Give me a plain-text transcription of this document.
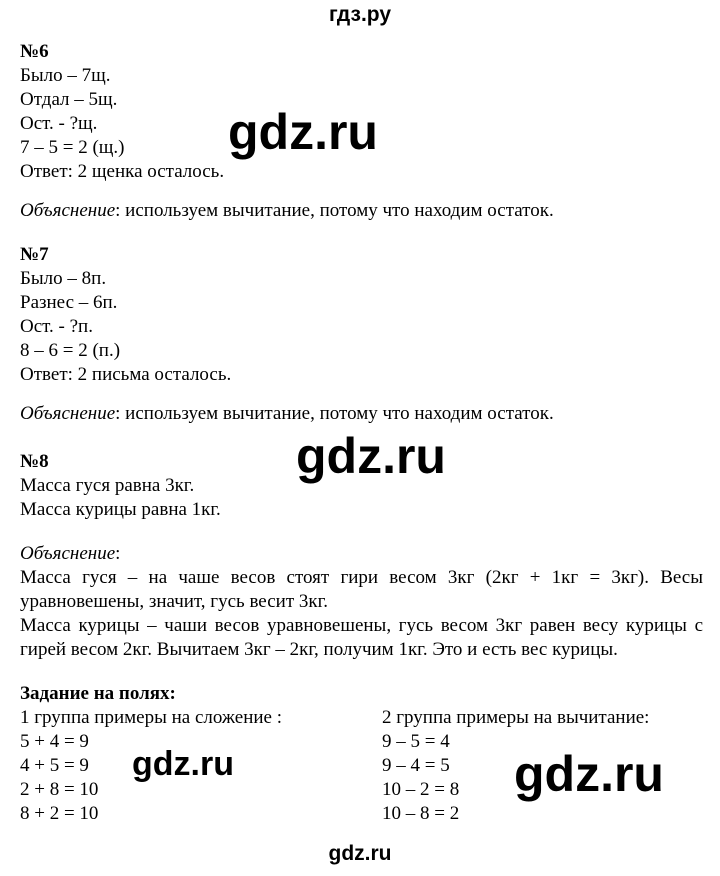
гдз.ру
№6
Было – 7щ.
Отдал – 5щ.
Ост. - ?щ.
7 – 5 = 2 (щ.)
Ответ: 2 щенка осталось.
Объяснение: используем вычитание, потому что находим остаток.
№7
Было – 8п.
Разнес – 6п.
Ост. - ?п.
8 – 6 = 2 (п.)
Ответ: 2 письма осталось.
Объяснение: используем вычитание, потому что находим остаток.
№8
Масса гуся равна 3кг.
Масса курицы равна 1кг.
Объяснение:
Масса гуся – на чаше весов стоят гири весом 3кг (2кг + 1кг = 3кг). Весы уравновешены, значит, гусь весит 3кг.
Масса курицы – чаши весов уравновешены, гусь весом 3кг равен весу курицы с гирей весом 2кг. Вычитаем 3кг – 2кг, получим 1кг. Это и есть вес курицы.
Задание на полях:
1 группа примеры на сложение :
5 + 4 = 9
4 + 5 = 9
2 + 8 = 10
8 + 2 = 10
2 группа примеры на вычитание:
9 – 5 = 4
9 – 4 = 5
10 – 2 = 8
10 – 8 = 2
gdz.ru
gdz.ru
gdz.ru	gdz.ru
gdz.ru
